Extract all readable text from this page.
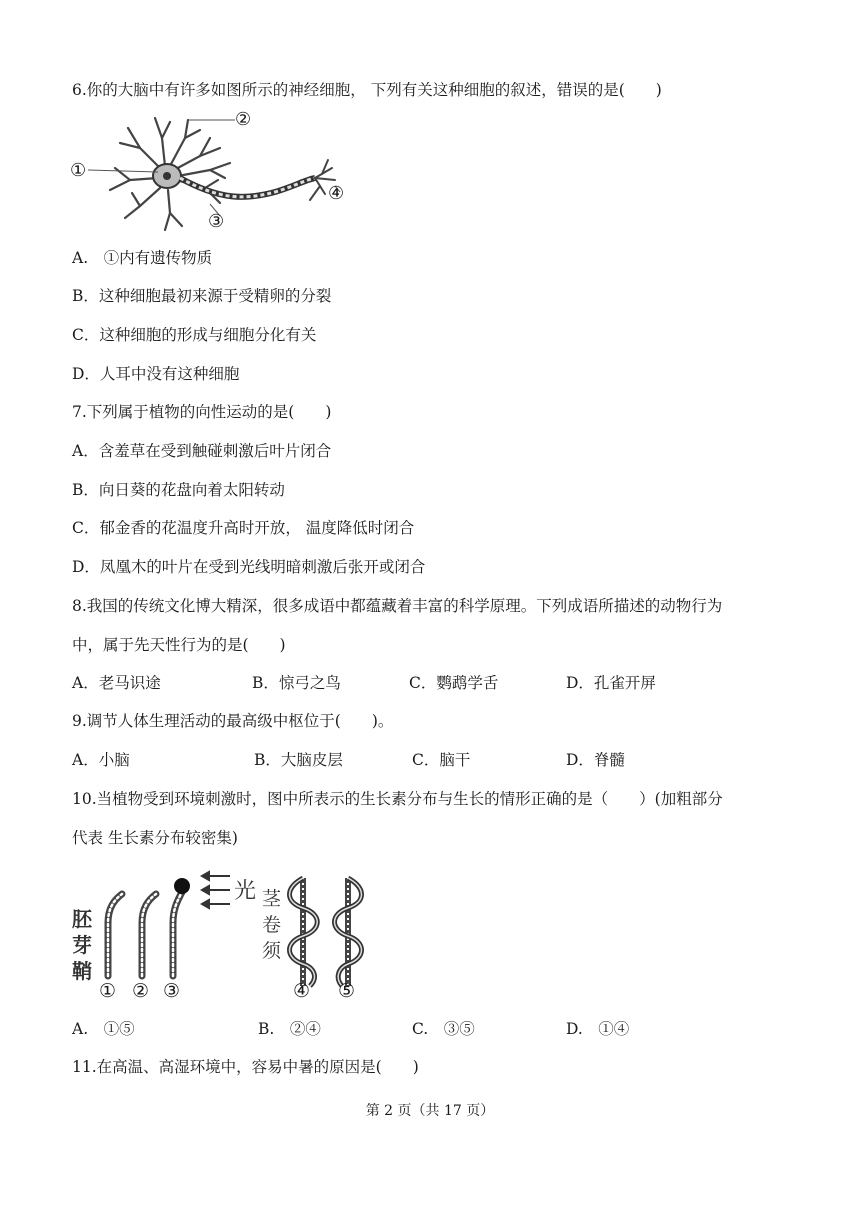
6.你的大脑中有许多如图所示的神经细胞， 下列有关这种细胞的叙述，错误的是(　　)
①
②
③
④
A.　①内有遗传物质
B．这种细胞最初来源于受精卵的分裂
C．这种细胞的形成与细胞分化有关
D．人耳中没有这种细胞
7.下列属于植物的向性运动的是(　　)
A．含羞草在受到触碰刺激后叶片闭合
B．向日葵的花盘向着太阳转动
C．郁金香的花温度升高时开放， 温度降低时闭合
D．凤凰木的叶片在受到光线明暗刺激后张开或闭合
8.我国的传统文化博大精深，很多成语中都蕴藏着丰富的科学原理。下列成语所描述的动物行为
中，属于先天性行为的是(　　)
A．老马识途	B．惊弓之鸟	C．鹦鹉学舌	D．孔雀开屏
9.调节人体生理活动的最高级中枢位于(　　)。
A．小脑	B．大脑皮层	C．脑干	D．脊髓
10.当植物受到环境刺激时，图中所表示的生长素分布与生长的情形正确的是（　　）(加粗部分
代表 生长素分布较密集)
胚
芽
鞘
光 茎
卷
须
① ② ③	④ ⑤
A.　①⑤	B.　②④	C.　③⑤	D.　①④
11.在高温、高湿环境中，容易中暑的原因是(　　)
第 2 页（共 17 页）
